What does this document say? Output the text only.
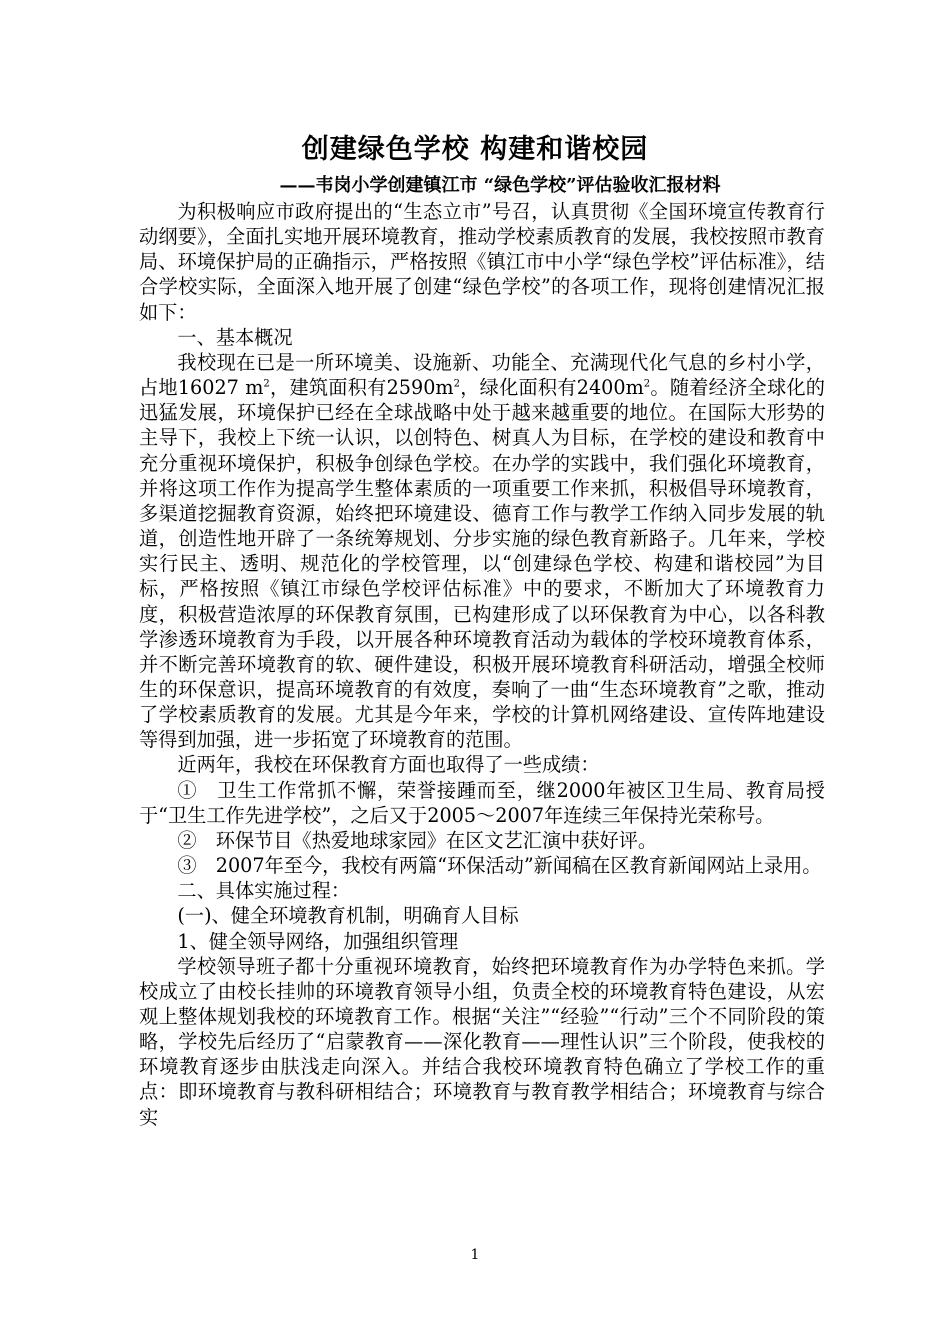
创建绿色学校 构建和谐校园
——韦岗小学创建镇江市 “绿色学校”评估验收汇报材料

为积极响应市政府提出的“生态立市”号召，认真贯彻《全国环境宣传教育行动纲要》，全面扎实地开展环境教育，推动学校素质教育的发展，我校按照市教育局、环境保护局的正确指示，严格按照《镇江市中小学“绿色学校”评估标准》，结合学校实际，全面深入地开展了创建“绿色学校”的各项工作，现将创建情况汇报如下：

一、基本概况

我校现在已是一所环境美、设施新、功能全、充满现代化气息的乡村小学，占地16027 $m^2$，建筑面积有$2590m^2$，绿化面积有$2400m^2$。随着经济全球化的迅猛发展，环境保护已经在全球战略中处于越来越重要的地位。在国际大形势的主导下，我校上下统一认识，以创特色、树真人为目标，在学校的建设和教育中充分重视环境保护，积极争创绿色学校。在办学的实践中，我们强化环境教育，并将这项工作作为提高学生整体素质的一项重要工作来抓，积极倡导环境教育，多渠道挖掘教育资源，始终把环境建设、德育工作与教学工作纳入同步发展的轨道，创造性地开辟了一条统筹规划、分步实施的绿色教育新路子。几年来，学校实行民主、透明、规范化的学校管理，以“创建绿色学校、构建和谐校园”为目标，严格按照《镇江市绿色学校评估标准》中的要求，不断加大了环境教育力度，积极营造浓厚的环保教育氛围，已构建形成了以环保教育为中心，以各科教学渗透环境教育为手段，以开展各种环境教育活动为载体的学校环境教育体系，并不断完善环境教育的软、硬件建设，积极开展环境教育科研活动，增强全校师生的环保意识，提高环境教育的有效度，奏响了一曲“生态环境教育”之歌，推动了学校素质教育的发展。尤其是今年来，学校的计算机网络建设、宣传阵地建设等得到加强，进一步拓宽了环境教育的范围。

近两年，我校在环保教育方面也取得了一些成绩：

①　卫生工作常抓不懈，荣誉接踵而至，继2000年被区卫生局、教育局授于“卫生工作先进学校”，之后又于2005～2007年连续三年保持光荣称号。

②　环保节目《热爱地球家园》在区文艺汇演中获好评。

③　2007年至今，我校有两篇“环保活动”新闻稿在区教育新闻网站上录用。

二、具体实施过程：

(一)、健全环境教育机制，明确育人目标

1、健全领导网络，加强组织管理

学校领导班子都十分重视环境教育，始终把环境教育作为办学特色来抓。学校成立了由校长挂帅的环境教育领导小组，负责全校的环境教育特色建设，从宏观上整体规划我校的环境教育工作。根据“关注”“经验”“行动”三个不同阶段的策略，学校先后经历了“启蒙教育——深化教育——理性认识”三个阶段，使我校的环境教育逐步由肤浅走向深入。并结合我校环境教育特色确立了学校工作的重点：即环境教育与教科研相结合；环境教育与教育教学相结合；环境教育与综合实

1
